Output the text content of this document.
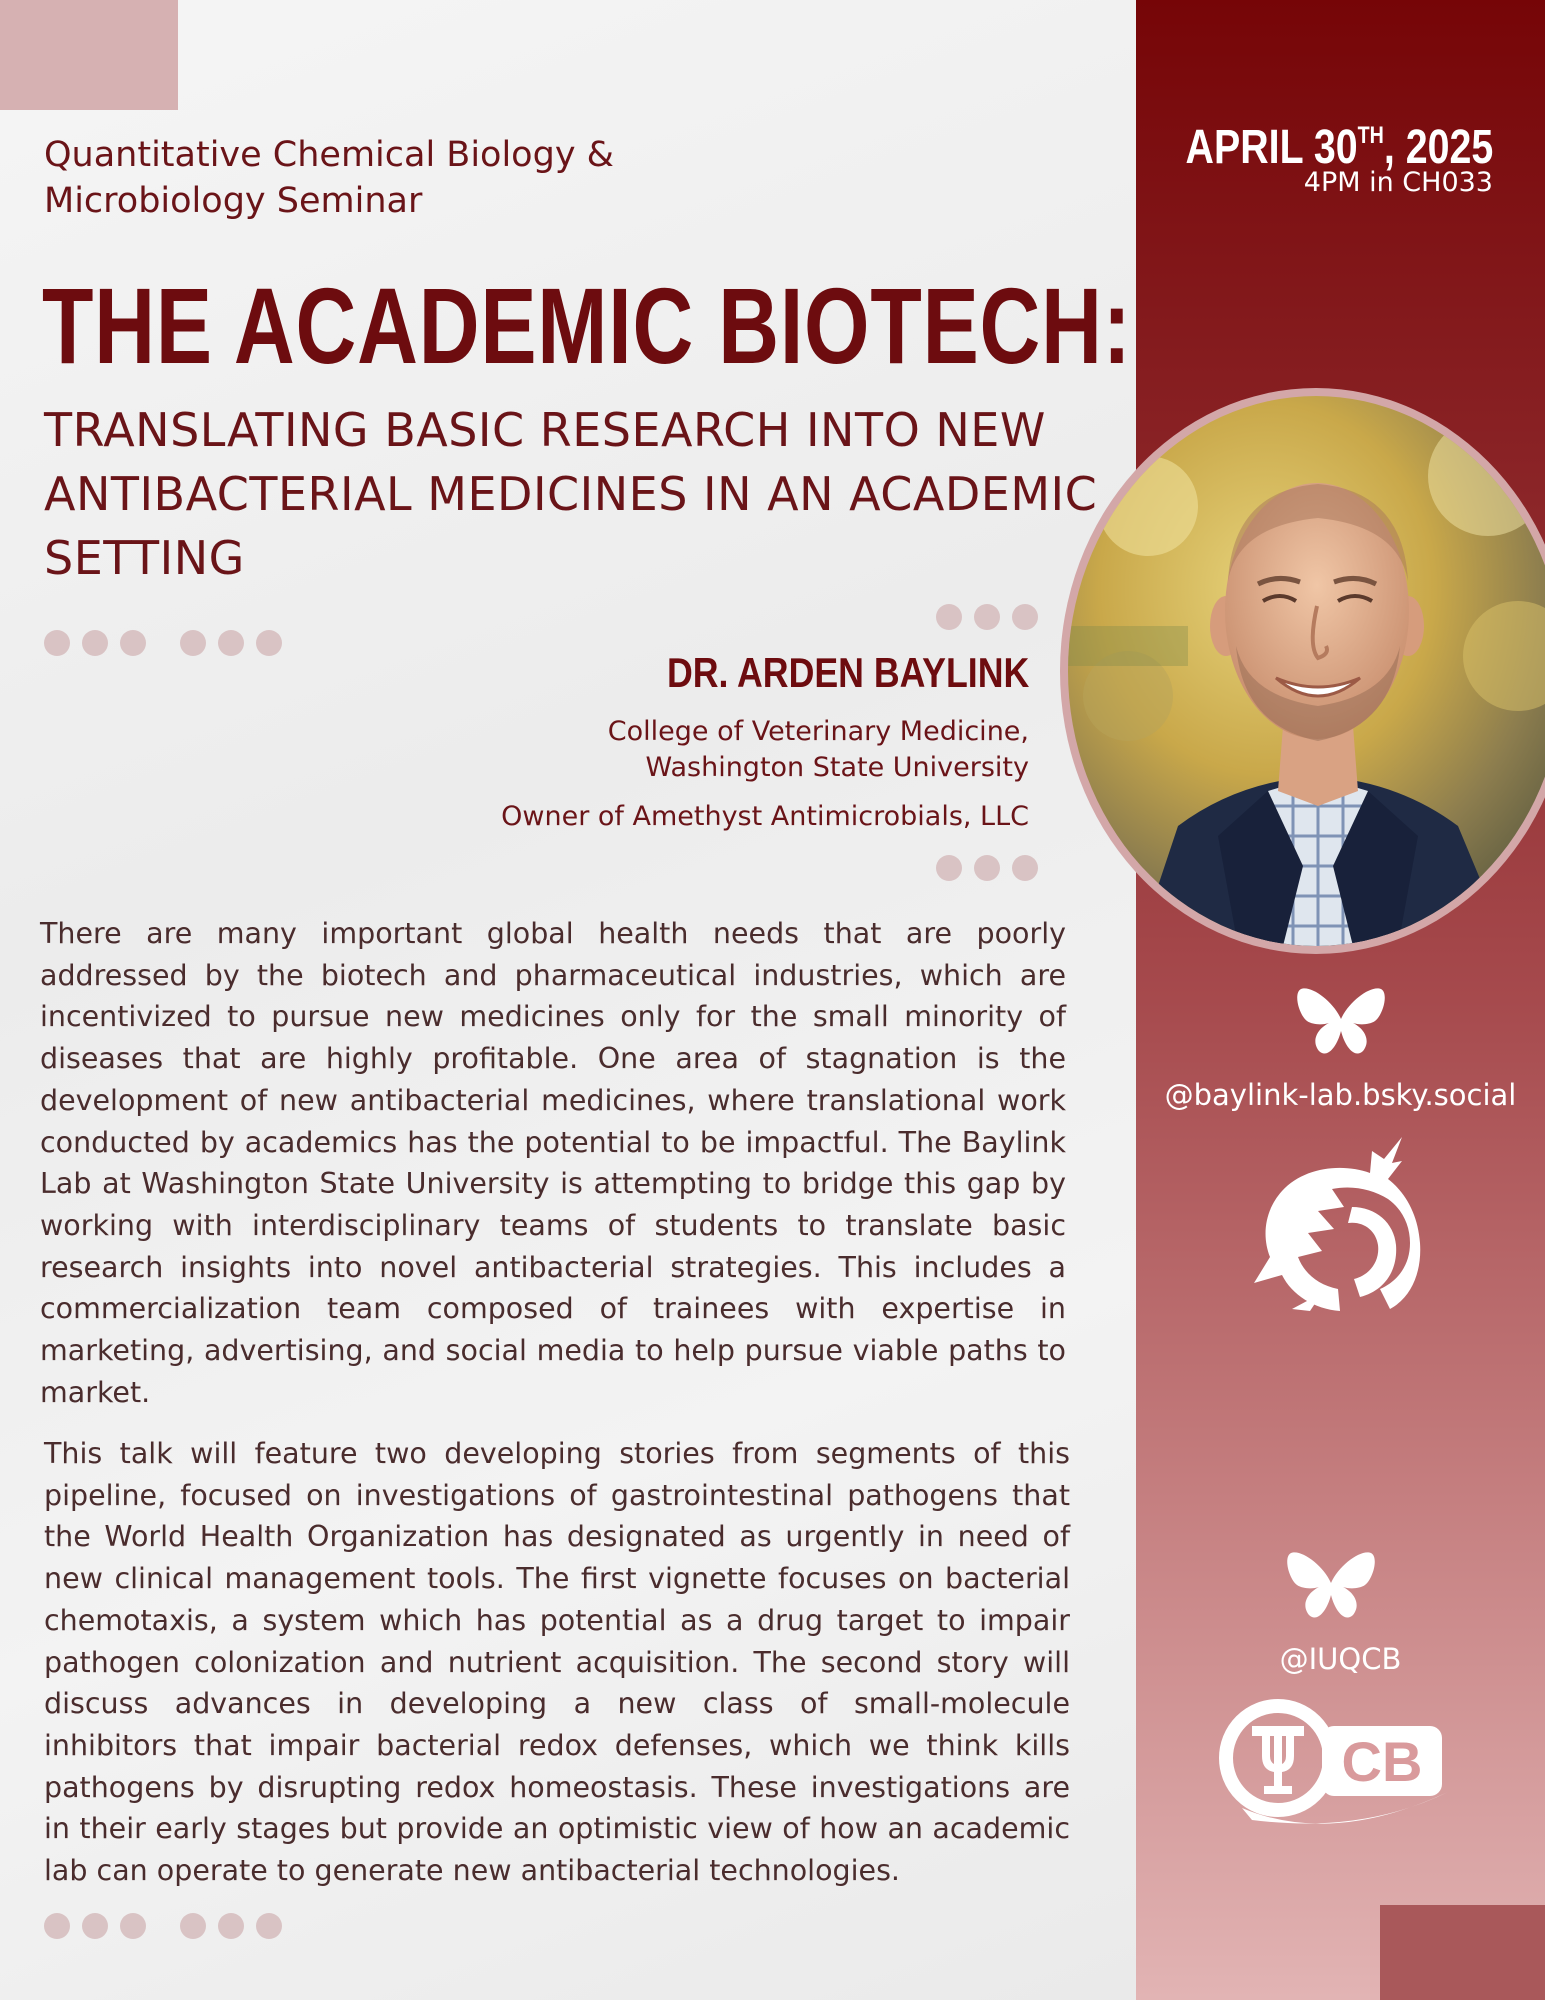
Quantitative Chemical Biology &
Microbiology Seminar
THE ACADEMIC BIOTECH:
TRANSLATING BASIC RESEARCH INTO NEW ANTIBACTERIAL MEDICINES IN AN ACADEMIC SETTING
DR. ARDEN BAYLINK
College of Veterinary Medicine,
Washington State University
Owner of Amethyst Antimicrobials, LLC

There are many important global health needs that are poorly addressed by the biotech and pharmaceutical industries, which are incentivized to pursue new medicines only for the small minority of diseases that are highly profitable. One area of stagnation is the development of new antibacterial medicines, where translational work conducted by academics has the potential to be impactful. The Baylink Lab at Washington State University is attempting to bridge this gap by working with interdisciplinary teams of students to translate basic research insights into novel antibacterial strategies. This includes a commercialization team composed of trainees with expertise in marketing, advertising, and social media to help pursue viable paths to market.

This talk will feature two developing stories from segments of this pipeline, focused on investigations of gastrointestinal pathogens that the World Health Organization has designated as urgently in need of new clinical management tools. The first vignette focuses on bacterial chemotaxis, a system which has potential as a drug target to impair pathogen colonization and nutrient acquisition. The second story will discuss advances in developing a new class of small-molecule inhibitors that impair bacterial redox defenses, which we think kills pathogens by disrupting redox homeostasis. These investigations are in their early stages but provide an optimistic view of how an academic lab can operate to generate new antibacterial technologies.

APRIL 30TH, 2025
4PM in CH033
@baylink-lab.bsky.social
@IUQCB
CB
